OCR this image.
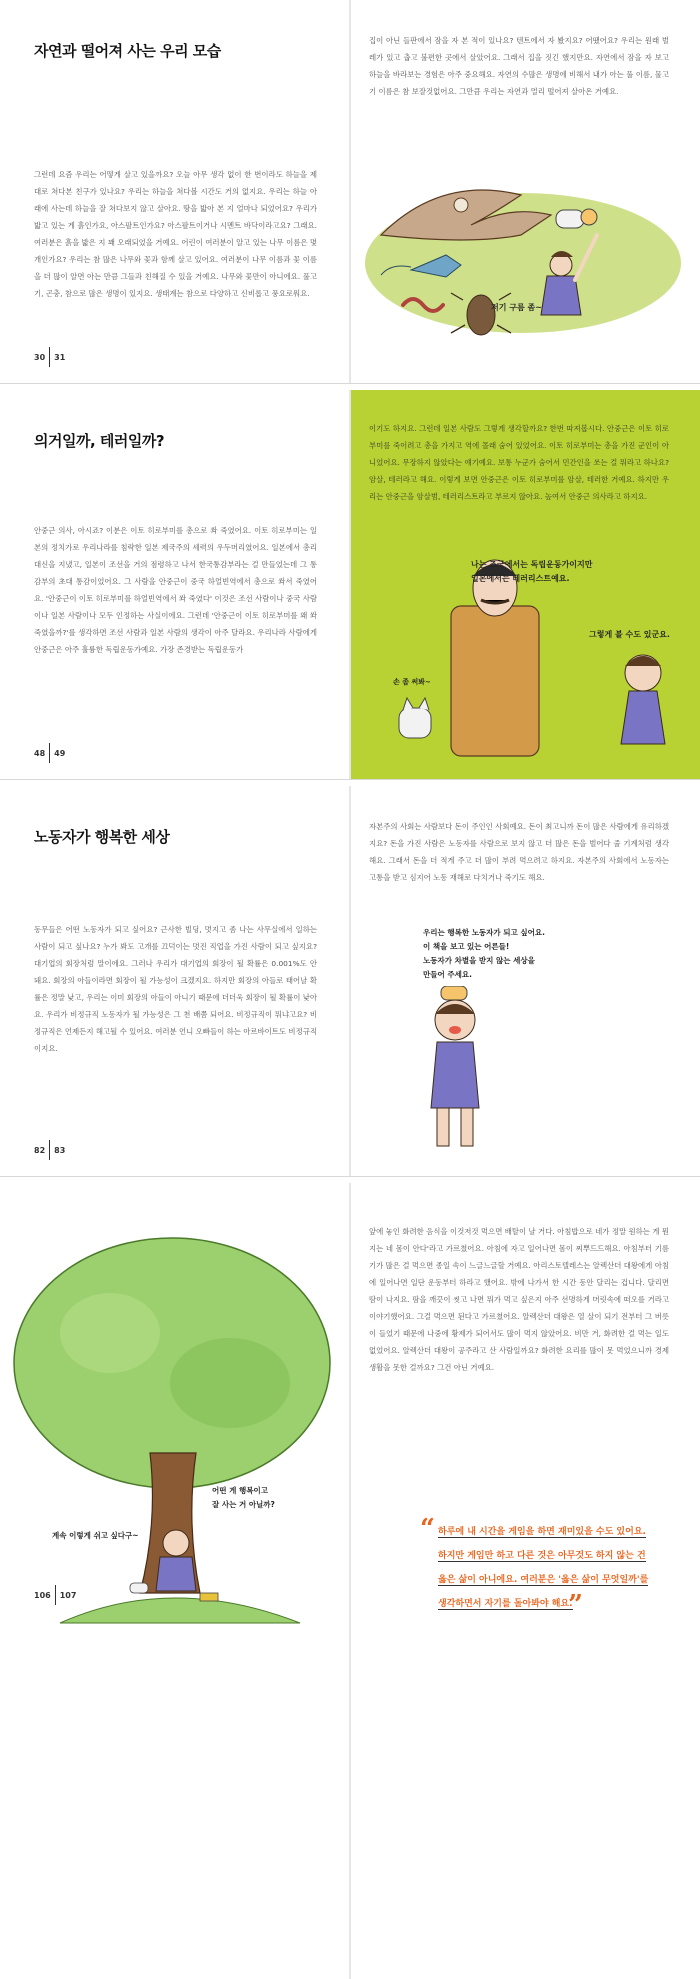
자연과 떨어져 사는 우리 모습
그런데 요즘 우리는 어떻게 살고 있을까요? 오늘 아무 생각 없이 한 번이라도 하늘을 제대로 쳐다본 친구가 있나요? 우리는 하늘을 쳐다볼 시간도 거의 없지요. 우리는 하늘 아래에 사는데 하늘을 잘 쳐다보지 않고 살아요. 땅을 밟아 본 지 얼마나 되었어요? 우리가 밟고 있는 게 흙인가요, 아스팔트인가요? 아스팔트이거나 시멘트 바닥이라고요? 그래요. 여러분은 흙을 밟은 지 꽤 오래되었을 거예요. 어린이 여러분이 알고 있는 나무 이름은 몇 개인가요? 우리는 참 많은 나무와 꽃과 함께 살고 있어요. 여러분이 나무 이름과 꽃 이름을 더 많이 알면 아는 만큼 그들과 친해질 수 있을 거예요. 나무와 꽃만이 아니에요. 풀고기, 곤충, 참으로 많은 생명이 있지요. 생태계는 참으로 다양하고 신비롭고 풍요로워요.
30 31
집이 아닌 들판에서 잠을 자 본 적이 있나요? 텐트에서 자 봤지요? 어땠어요? 우리는 원래 벌레가 있고 춥고 불편한 곳에서 살았어요. 그래서 집을 짓긴 했지만요. 자연에서 잠을 자 보고 하늘을 바라보는 경험은 아주 중요해요. 자연의 수많은 생명에 비해서 내가 아는 풀 이름, 물고기 이름은 참 보잘것없어요. 그만큼 우리는 자연과 멀리 떨어져 살아온 거예요.
저기 구름 좀~
의거일까, 테러일까?
안중근 의사, 아시죠? 이분은 이토 히로부미를 총으로 쏴 죽였어요. 이토 히로부미는 일본의 정치가로 우리나라를 침략한 일본 제국주의 세력의 우두머리였어요. 일본에서 총리대신을 지냈고, 일본이 조선을 거의 점령하고 나서 한국통감부라는 걸 만들었는데 그 통감부의 초대 통감이었어요. 그 사람을 안중근이 중국 하얼빈역에서 총으로 쏴서 죽였어요. '안중근이 이토 히로부미를 하얼빈역에서 쏴 죽였다' 이것은 조선 사람이나 중국 사람이나 일본 사람이나 모두 인정하는 사실이에요. 그런데 '안중근이 이토 히로부미를 왜 쏴 죽였을까?'를 생각하면 조선 사람과 일본 사람의 생각이 아주 달라요. 우리나라 사람에게 안중근은 아주 훌륭한 독립운동가예요. 가장 존경받는 독립운동가
48 49
이기도 하지요. 그런데 일본 사람도 그렇게 생각할까요? 한번 따져봅시다. 안중근은 이토 히로부미를 죽이려고 총을 가지고 역에 몰래 숨어 있었어요. 이토 히로부미는 총을 가진 군인이 아니었어요. 무장하지 않았다는 얘기예요. 보통 누군가 숨어서 민간인을 쏘는 걸 뭐라고 하나요? 암살, 테러라고 해요. 이렇게 보면 안중근은 이토 히로부미를 암살, 테러한 거예요. 하지만 우리는 안중근을 암살범, 테러리스트라고 부르지 않아요. 높여서 안중근 의사라고 하지요.
나는 조국에서는 독립운동가이지만
일본에서는 테러리스트예요.
그렇게 볼 수도 있군요.
손 좀 써봐~
노동자가 행복한 세상
동무들은 어떤 노동자가 되고 싶어요? 근사한 빌딩, 멋지고 좀 나는 사무실에서 일하는 사람이 되고 싶나요? 누가 봐도 고개를 끄덕이는 멋진 직업을 가진 사람이 되고 싶지요? 대기업의 회장처럼 말이에요. 그러나 우리가 대기업의 회장이 될 확률은 0.001%도 안 돼요. 회장의 아들이라면 회장이 될 가능성이 크겠지요. 하지만 회장의 아들로 태어날 확률은 정말 낮고, 우리는 이미 회장의 아들이 아니기 때문에 더더욱 회장이 될 확률이 낮아요. 우리가 비정규직 노동자가 될 가능성은 그 천 배쯤 되어요. 비정규직이 뭐냐고요? 비정규직은 언제든지 해고될 수 있어요. 여러분 언니 오빠들이 하는 아르바이트도 비정규직이지요.
82 83
자본주의 사회는 사람보다 돈이 주인인 사회예요. 돈이 최고니까 돈이 많은 사람에게 유리하겠지요? 돈을 가진 사람은 노동자를 사람으로 보지 않고 더 많은 돈을 벌어다 줄 기계처럼 생각해요. 그래서 돈을 더 적게 주고 더 많이 부려 먹으려고 하지요. 자본주의 사회에서 노동자는 고통을 받고 심지어 노동 재해로 다치거나 죽기도 해요.
우리는 행복한 노동자가 되고 싶어요.
이 책을 보고 있는 어른들!
노동자가 차별을 받지 않는 세상을
만들어 주세요.
어떤 게 행복이고
잘 사는 거 아닐까?
계속 이렇게 쉬고 싶다구~
106 107
앞에 놓인 화려한 음식을 이것저것 먹으면 배탈이 날 거다. 아침밥으로 네가 정말 원하는 게 뭔지는 네 몸이 안다'라고 가르쳤어요. 아침에 자고 일어나면 몸이 찌뿌드드해요. 아침부터 기름기가 많은 걸 먹으면 종일 속이 느글느글할 거예요. 아리스토텔레스는 알렉산더 대왕에게 아침에 일어나면 일단 운동부터 하라고 했어요. 밖에 나가서 한 시간 동안 달리는 겁니다. 달리면 땀이 나지요. 땀을 깨끗이 씻고 나면 뭐가 먹고 싶은지 아주 선명하게 머릿속에 떠오를 거라고 이야기했어요. 그걸 먹으면 된다고 가르쳤어요. 알렉산더 대왕은 열 살이 되기 전부터 그 버릇이 들었기 때문에 나중에 황제가 되어서도 많이 먹지 않았어요. 비만 거, 화려한 걸 먹는 일도 없었어요. 알렉산더 대왕이 공주라고 산 사람일까요? 화려한 요리를 많이 못 먹었으니까 경제생활을 못한 걸까요? 그건 아닌 거예요.
“ 하루에 내 시간을 게임을 하면 재미있을 수도 있어요.
하지만 게임만 하고 다른 것은 아무것도 하지 않는 건
옳은 삶이 아니에요. 여러분은 '옳은 삶이 무엇일까'를
생각하면서 자기를 돌아봐야 해요.
”
